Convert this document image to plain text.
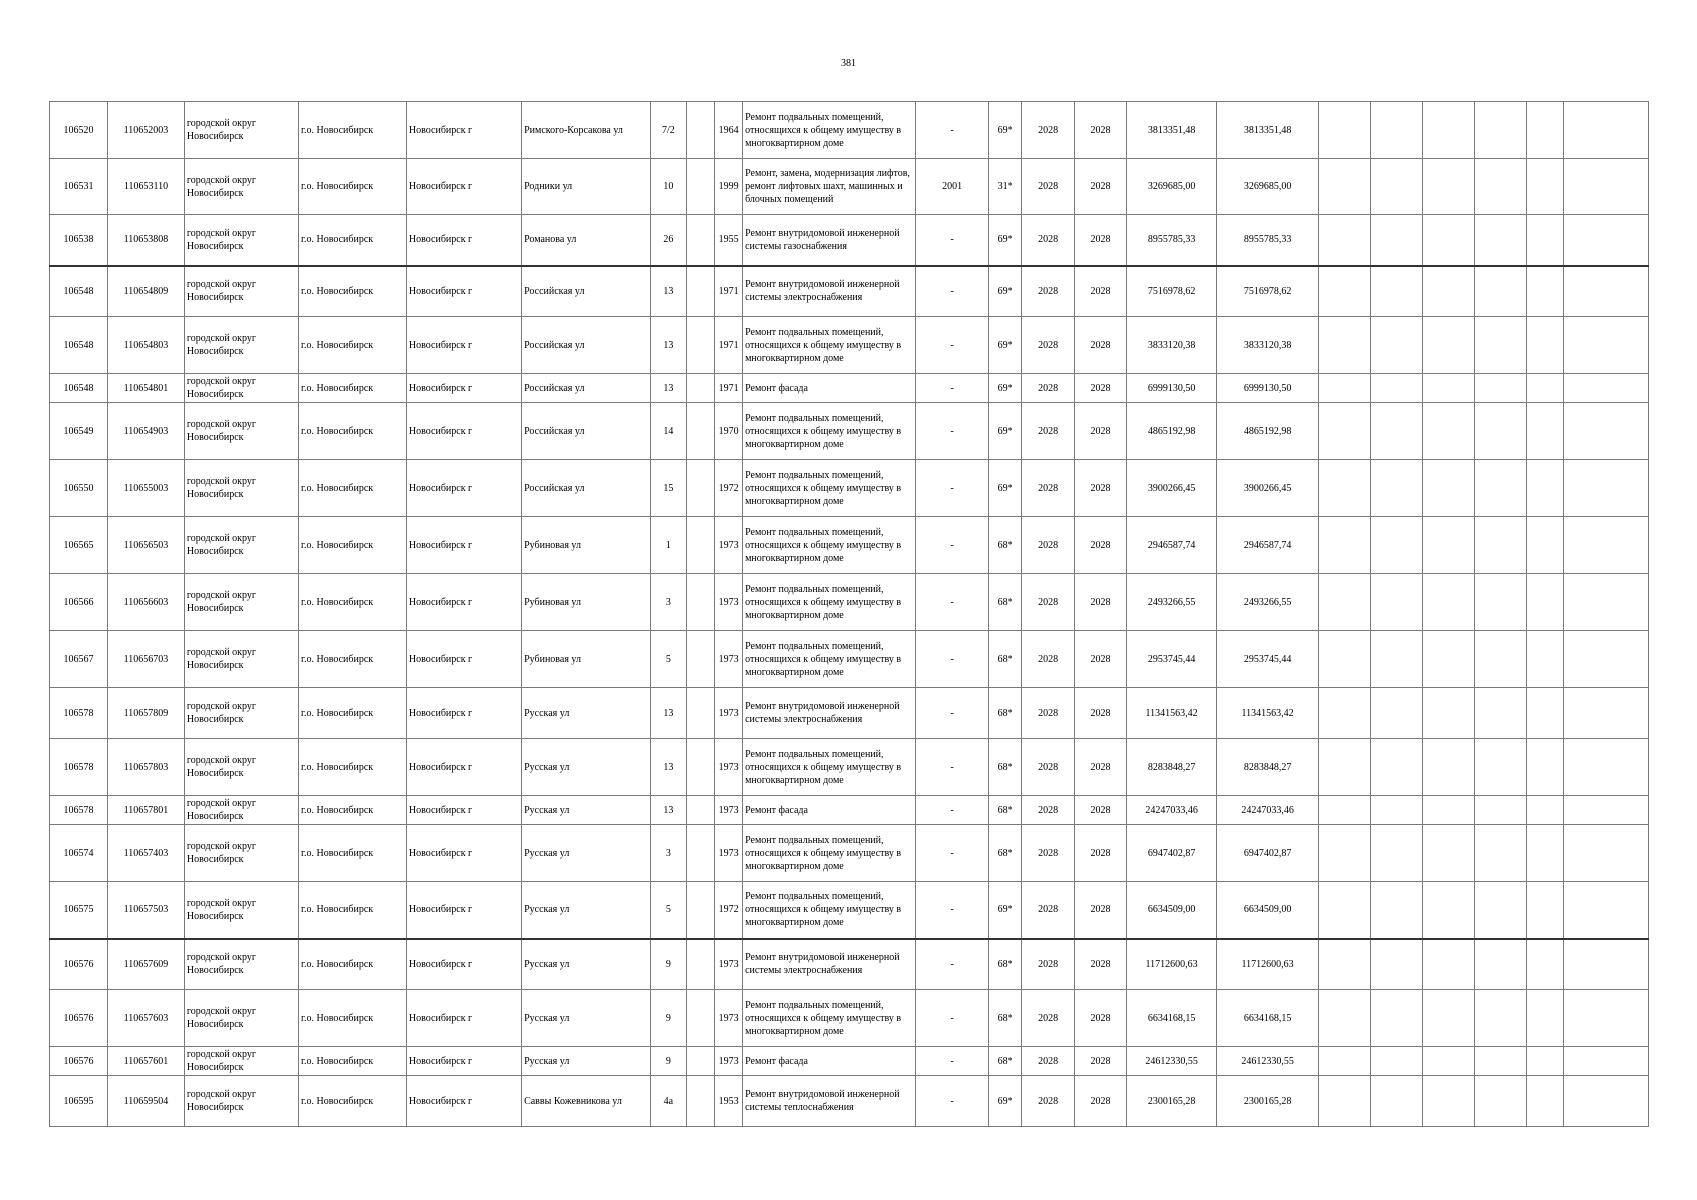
381
106520	110652003	городской округ Новосибирск	г.о. Новосибирск	Новосибирск г	Римского-Корсакова ул	7/2		1964	Ремонт подвальных помещений, относящихся к общему имуществу в многоквартирном доме	-	69*	2028	2028	3813351,48	3813351,48						
106531	110653110	городской округ Новосибирск	г.о. Новосибирск	Новосибирск г	Родники ул	10		1999	Ремонт, замена, модернизация лифтов, ремонт лифтовых шахт, машинных и блочных помещений	2001	31*	2028	2028	3269685,00	3269685,00						
106538	110653808	городской округ Новосибирск	г.о. Новосибирск	Новосибирск г	Романова ул	26		1955	Ремонт внутридомовой инженерной системы газоснабжения	-	69*	2028	2028	8955785,33	8955785,33						
106548	110654809	городской округ Новосибирск	г.о. Новосибирск	Новосибирск г	Российская ул	13		1971	Ремонт внутридомовой инженерной системы электроснабжения	-	69*	2028	2028	7516978,62	7516978,62						
106548	110654803	городской округ Новосибирск	г.о. Новосибирск	Новосибирск г	Российская ул	13		1971	Ремонт подвальных помещений, относящихся к общему имуществу в многоквартирном доме	-	69*	2028	2028	3833120,38	3833120,38						
106548	110654801	городской округ Новосибирск	г.о. Новосибирск	Новосибирск г	Российская ул	13		1971	Ремонт фасада	-	69*	2028	2028	6999130,50	6999130,50						
106549	110654903	городской округ Новосибирск	г.о. Новосибирск	Новосибирск г	Российская ул	14		1970	Ремонт подвальных помещений, относящихся к общему имуществу в многоквартирном доме	-	69*	2028	2028	4865192,98	4865192,98						
106550	110655003	городской округ Новосибирск	г.о. Новосибирск	Новосибирск г	Российская ул	15		1972	Ремонт подвальных помещений, относящихся к общему имуществу в многоквартирном доме	-	69*	2028	2028	3900266,45	3900266,45						
106565	110656503	городской округ Новосибирск	г.о. Новосибирск	Новосибирск г	Рубиновая ул	1		1973	Ремонт подвальных помещений, относящихся к общему имуществу в многоквартирном доме	-	68*	2028	2028	2946587,74	2946587,74						
106566	110656603	городской округ Новосибирск	г.о. Новосибирск	Новосибирск г	Рубиновая ул	3		1973	Ремонт подвальных помещений, относящихся к общему имуществу в многоквартирном доме	-	68*	2028	2028	2493266,55	2493266,55						
106567	110656703	городской округ Новосибирск	г.о. Новосибирск	Новосибирск г	Рубиновая ул	5		1973	Ремонт подвальных помещений, относящихся к общему имуществу в многоквартирном доме	-	68*	2028	2028	2953745,44	2953745,44						
106578	110657809	городской округ Новосибирск	г.о. Новосибирск	Новосибирск г	Русская ул	13		1973	Ремонт внутридомовой инженерной системы электроснабжения	-	68*	2028	2028	11341563,42	11341563,42						
106578	110657803	городской округ Новосибирск	г.о. Новосибирск	Новосибирск г	Русская ул	13		1973	Ремонт подвальных помещений, относящихся к общему имуществу в многоквартирном доме	-	68*	2028	2028	8283848,27	8283848,27						
106578	110657801	городской округ Новосибирск	г.о. Новосибирск	Новосибирск г	Русская ул	13		1973	Ремонт фасада	-	68*	2028	2028	24247033,46	24247033,46						
106574	110657403	городской округ Новосибирск	г.о. Новосибирск	Новосибирск г	Русская ул	3		1973	Ремонт подвальных помещений, относящихся к общему имуществу в многоквартирном доме	-	68*	2028	2028	6947402,87	6947402,87						
106575	110657503	городской округ Новосибирск	г.о. Новосибирск	Новосибирск г	Русская ул	5		1972	Ремонт подвальных помещений, относящихся к общему имуществу в многоквартирном доме	-	69*	2028	2028	6634509,00	6634509,00						
106576	110657609	городской округ Новосибирск	г.о. Новосибирск	Новосибирск г	Русская ул	9		1973	Ремонт внутридомовой инженерной системы электроснабжения	-	68*	2028	2028	11712600,63	11712600,63						
106576	110657603	городской округ Новосибирск	г.о. Новосибирск	Новосибирск г	Русская ул	9		1973	Ремонт подвальных помещений, относящихся к общему имуществу в многоквартирном доме	-	68*	2028	2028	6634168,15	6634168,15						
106576	110657601	городской округ Новосибирск	г.о. Новосибирск	Новосибирск г	Русская ул	9		1973	Ремонт фасада	-	68*	2028	2028	24612330,55	24612330,55						
106595	110659504	городской округ Новосибирск	г.о. Новосибирск	Новосибирск г	Саввы Кожевникова ул	4а		1953	Ремонт внутридомовой инженерной системы теплоснабжения	-	69*	2028	2028	2300165,28	2300165,28						
